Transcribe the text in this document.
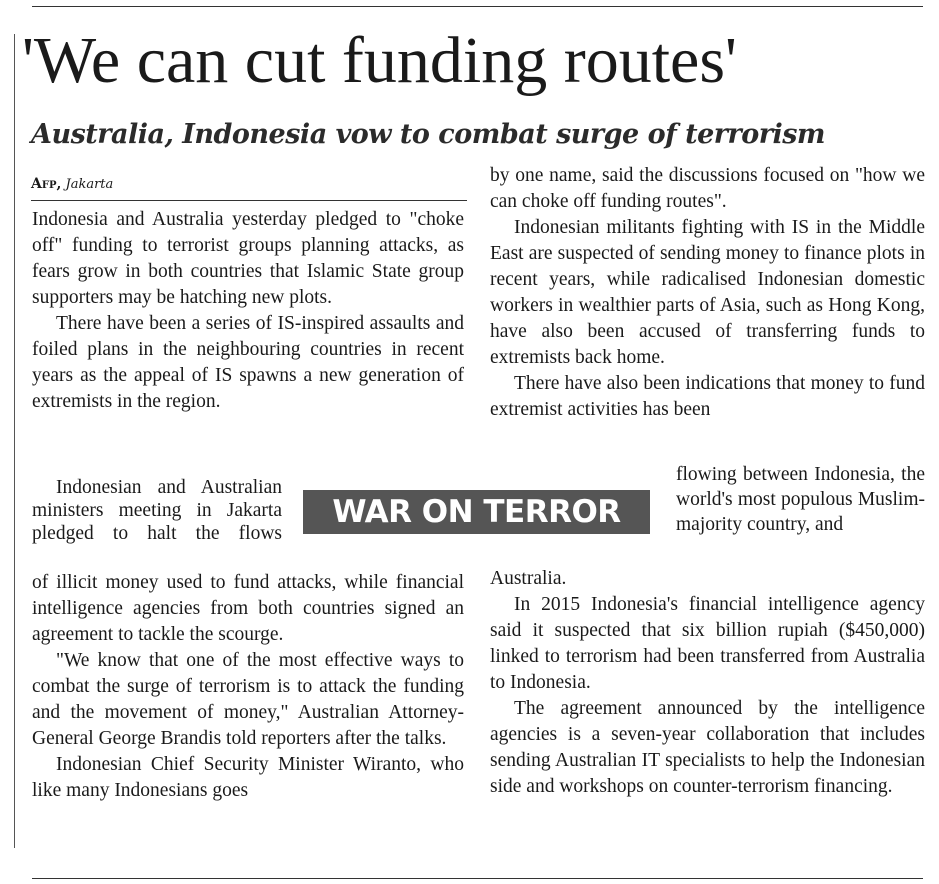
'We can cut funding routes'
Australia, Indonesia vow to combat surge of terrorism
Afp, Jakarta

Indonesia and Australia yesterday pledged to "choke off" funding to terrorist groups planning attacks, as fears grow in both countries that Islamic State group supporters may be hatching new plots.

There have been a series of IS-inspired assaults and foiled plans in the neighbouring countries in recent years as the appeal of IS spawns a new generation of extremists in the region.

Indonesian and Australian ministers meeting in Jakarta pledged to halt the flows

of illicit money used to fund attacks, while financial intelligence agencies from both countries signed an agreement to tackle the scourge.

"We know that one of the most effective ways to combat the surge of terrorism is to attack the funding and the movement of money," Australian Attorney-General George Brandis told reporters after the talks.

Indonesian Chief Security Minister Wiranto, who like many Indonesians goes

WAR ON TERROR

by one name, said the discussions focused on "how we can choke off funding routes".

Indonesian militants fighting with IS in the Middle East are suspected of sending money to finance plots in recent years, while radicalised Indonesian domestic workers in wealthier parts of Asia, such as Hong Kong, have also been accused of transferring funds to extremists back home.

There have also been indications that money to fund extremist activities has been

flowing between Indonesia, the world's most populous Muslim-majority country, and

Australia.

In 2015 Indonesia's financial intelligence agency said it suspected that six billion rupiah ($450,000) linked to terrorism had been transferred from Australia to Indonesia.

The agreement announced by the intelligence agencies is a seven-year collaboration that includes sending Australian IT specialists to help the Indonesian side and workshops on counter-terrorism financing.
